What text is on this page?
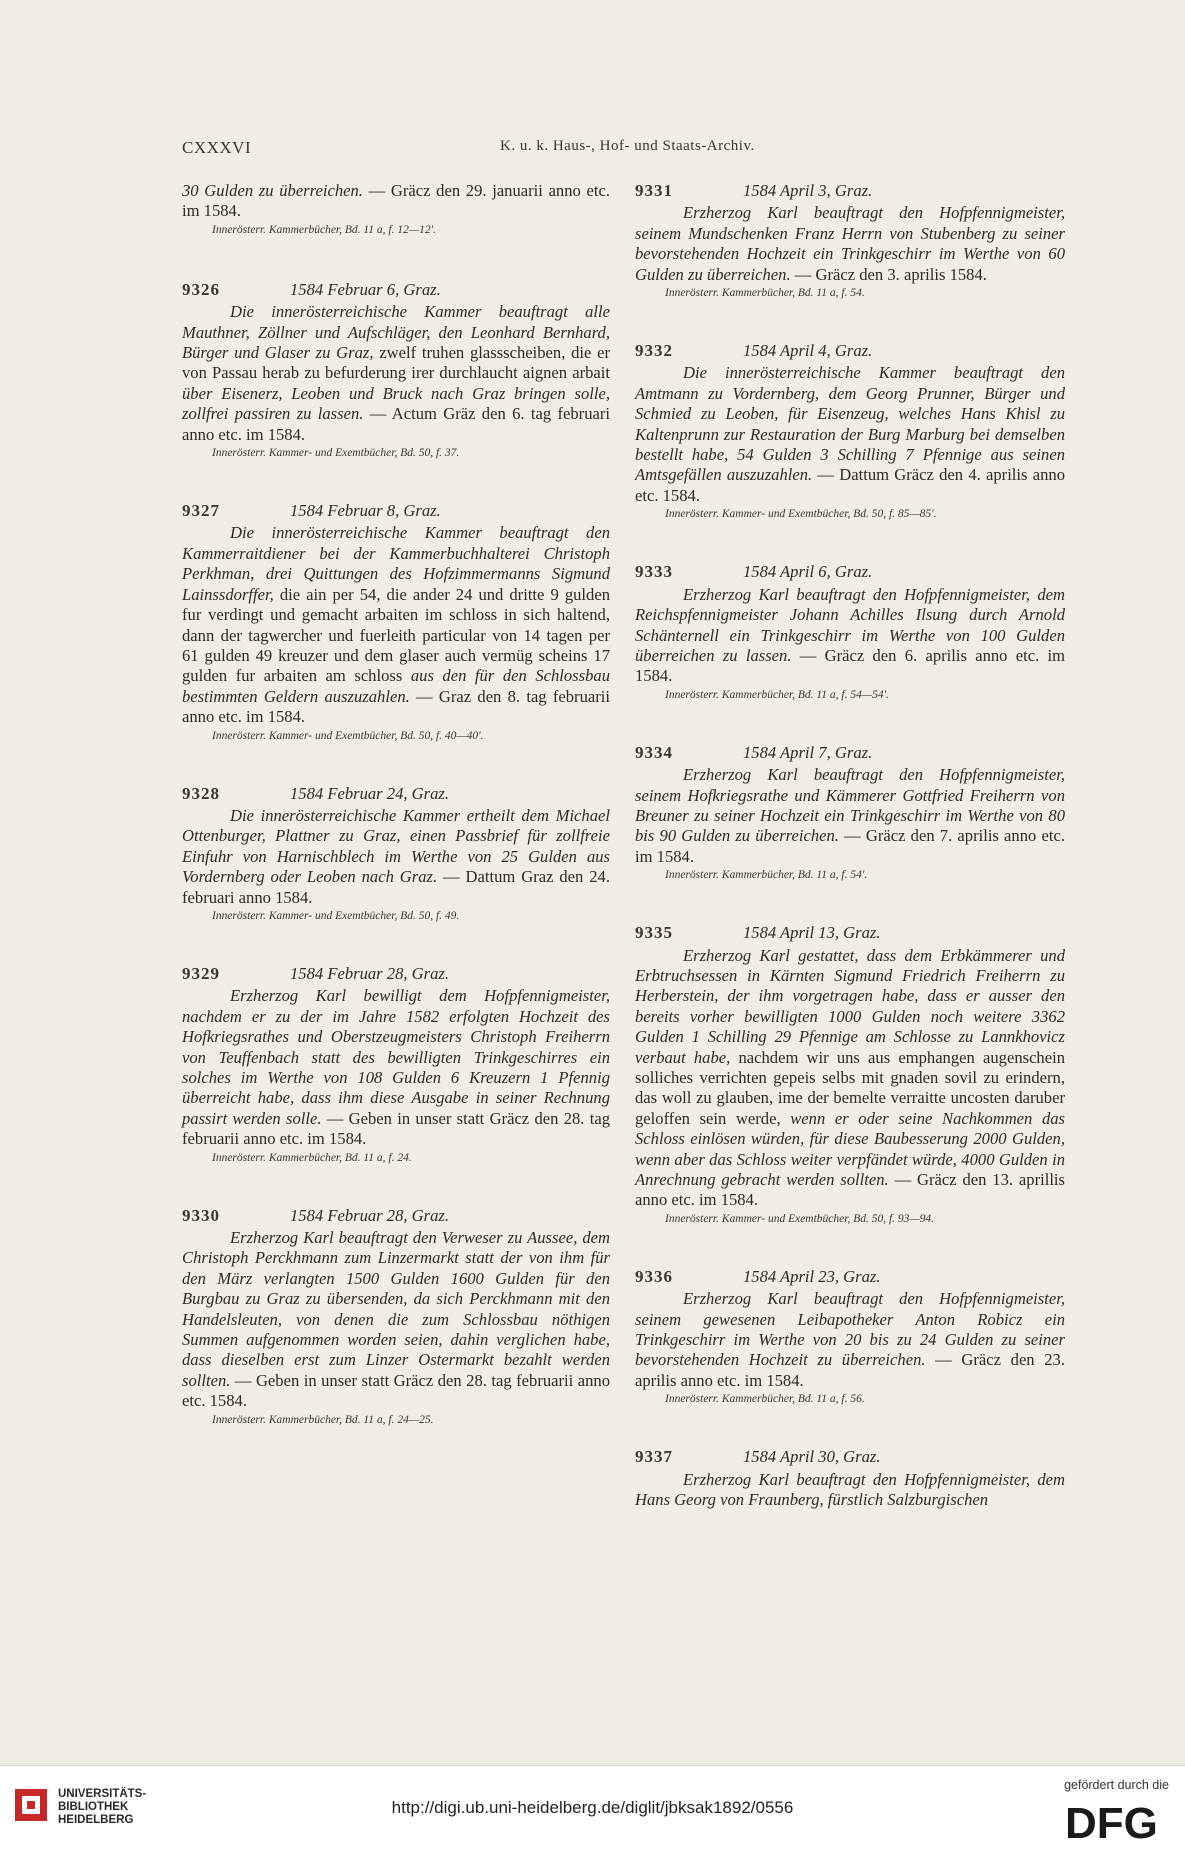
CXXXVI	K. u. k. Haus-, Hof- und Staats-Archiv.

30 Gulden zu überreichen. — Gräcz den 29. januarii anno etc. im 1584.

Innerösterr. Kammerbücher, Bd. 11 a, f. 12—12'.

9326	1584 Februar 6, Graz.

Die innerösterreichische Kammer beauftragt alle Mauthner, Zöllner und Aufschläger, den Leonhard Bernhard, Bürger und Glaser zu Graz, zwelf truhen glassscheiben, die er von Passau herab zu befurderung irer durchlaucht aignen arbait über Eisenerz, Leoben und Bruck nach Graz bringen solle, zollfrei passiren zu lassen. — Actum Gräz den 6. tag februari anno etc. im 1584.

Innerösterr. Kammer- und Exemtbücher, Bd. 50, f. 37.

9327	1584 Februar 8, Graz.

Die innerösterreichische Kammer beauftragt den Kammerraitdiener bei der Kammerbuchhalterei Christoph Perkhman, drei Quittungen des Hofzimmermanns Sigmund Lainssdorffer, die ain per 54, die ander 24 und dritte 9 gulden fur verdingt und gemacht arbaiten im schloss in sich haltend, dann der tagwercher und fuerleith particular von 14 tagen per 61 gulden 49 kreuzer und dem glaser auch vermüg scheins 17 gulden fur arbaiten am schloss aus den für den Schlossbau bestimmten Geldern auszuzahlen. — Graz den 8. tag februarii anno etc. im 1584.

Innerösterr. Kammer- und Exemtbücher, Bd. 50, f. 40—40'.

9328	1584 Februar 24, Graz.

Die innerösterreichische Kammer ertheilt dem Michael Ottenburger, Plattner zu Graz, einen Passbrief für zollfreie Einfuhr von Harnischblech im Werthe von 25 Gulden aus Vordernberg oder Leoben nach Graz. — Dattum Graz den 24. februari anno 1584.

Innerösterr. Kammer- und Exemtbücher, Bd. 50, f. 49.

9329	1584 Februar 28, Graz.

Erzherzog Karl bewilligt dem Hofpfennigmeister, nachdem er zu der im Jahre 1582 erfolgten Hochzeit des Hofkriegsrathes und Oberstzeugmeisters Christoph Freiherrn von Teuffenbach statt des bewilligten Trinkgeschirres ein solches im Werthe von 108 Gulden 6 Kreuzern 1 Pfennig überreicht habe, dass ihm diese Ausgabe in seiner Rechnung passirt werden solle. — Geben in unser statt Gräcz den 28. tag februarii anno etc. im 1584.

Innerösterr. Kammerbücher, Bd. 11 a, f. 24.

9330	1584 Februar 28, Graz.

Erzherzog Karl beauftragt den Verweser zu Aussee, dem Christoph Perckhmann zum Linzermarkt statt der von ihm für den März verlangten 1500 Gulden 1600 Gulden für den Burgbau zu Graz zu übersenden, da sich Perckhmann mit den Handelsleuten, von denen die zum Schlossbau nöthigen Summen aufgenommen worden seien, dahin verglichen habe, dass dieselben erst zum Linzer Ostermarkt bezahlt werden sollten. — Geben in unser statt Gräcz den 28. tag februarii anno etc. 1584.

Innerösterr. Kammerbücher, Bd. 11 a, f. 24—25.

9331	1584 April 3, Graz.

Erzherzog Karl beauftragt den Hofpfennigmeister, seinem Mundschenken Franz Herrn von Stubenberg zu seiner bevorstehenden Hochzeit ein Trinkgeschirr im Werthe von 60 Gulden zu überreichen. — Gräcz den 3. aprilis 1584.

Innerösterr. Kammerbücher, Bd. 11 a, f. 54.

9332	1584 April 4, Graz.

Die innerösterreichische Kammer beauftragt den Amtmann zu Vordernberg, dem Georg Prunner, Bürger und Schmied zu Leoben, für Eisenzeug, welches Hans Khisl zu Kaltenprunn zur Restauration der Burg Marburg bei demselben bestellt habe, 54 Gulden 3 Schilling 7 Pfennige aus seinen Amtsgefällen auszuzahlen. — Dattum Gräcz den 4. aprilis anno etc. 1584.

Innerösterr. Kammer- und Exemtbücher, Bd. 50, f. 85—85'.

9333	1584 April 6, Graz.

Erzherzog Karl beauftragt den Hofpfennigmeister, dem Reichspfennigmeister Johann Achilles Ilsung durch Arnold Schänternell ein Trinkgeschirr im Werthe von 100 Gulden überreichen zu lassen. — Gräcz den 6. aprilis anno etc. im 1584.

Innerösterr. Kammerbücher, Bd. 11 a, f. 54—54'.

9334	1584 April 7, Graz.

Erzherzog Karl beauftragt den Hofpfennigmeister, seinem Hofkriegsrathe und Kämmerer Gottfried Freiherrn von Breuner zu seiner Hochzeit ein Trinkgeschirr im Werthe von 80 bis 90 Gulden zu überreichen. — Gräcz den 7. aprilis anno etc. im 1584.

Innerösterr. Kammerbücher, Bd. 11 a, f. 54'.

9335	1584 April 13, Graz.

Erzherzog Karl gestattet, dass dem Erbkämmerer und Erbtruchsessen in Kärnten Sigmund Friedrich Freiherrn zu Herberstein, der ihm vorgetragen habe, dass er ausser den bereits vorher bewilligten 1000 Gulden noch weitere 3362 Gulden 1 Schilling 29 Pfennige am Schlosse zu Lannkhovicz verbaut habe, nachdem wir uns aus emphangen augenschein solliches verrichten gepeis selbs mit gnaden sovil zu erindern, das woll zu glauben, ime der bemelte verraitte uncosten daruber geloffen sein werde, wenn er oder seine Nachkommen das Schloss einlösen würden, für diese Baubesserung 2000 Gulden, wenn aber das Schloss weiter verpfändet würde, 4000 Gulden in Anrechnung gebracht werden sollten. — Gräcz den 13. aprillis anno etc. im 1584.

Innerösterr. Kammer- und Exemtbücher, Bd. 50, f. 93—94.

9336	1584 April 23, Graz.

Erzherzog Karl beauftragt den Hofpfennigmeister, seinem gewesenen Leibapotheker Anton Robicz ein Trinkgeschirr im Werthe von 20 bis zu 24 Gulden zu seiner bevorstehenden Hochzeit zu überreichen. — Gräcz den 23. aprilis anno etc. im 1584.

Innerösterr. Kammerbücher, Bd. 11 a, f. 56.

9337	1584 April 30, Graz.

Erzherzog Karl beauftragt den Hofpfennigmeister, dem Hans Georg von Fraunberg, fürstlich Salzburgischen

UNIVERSITÄTS- BIBLIOTHEK HEIDELBERG
http://digi.ub.uni-heidelberg.de/diglit/jbksak1892/0556
gefördert durch die
DFG
